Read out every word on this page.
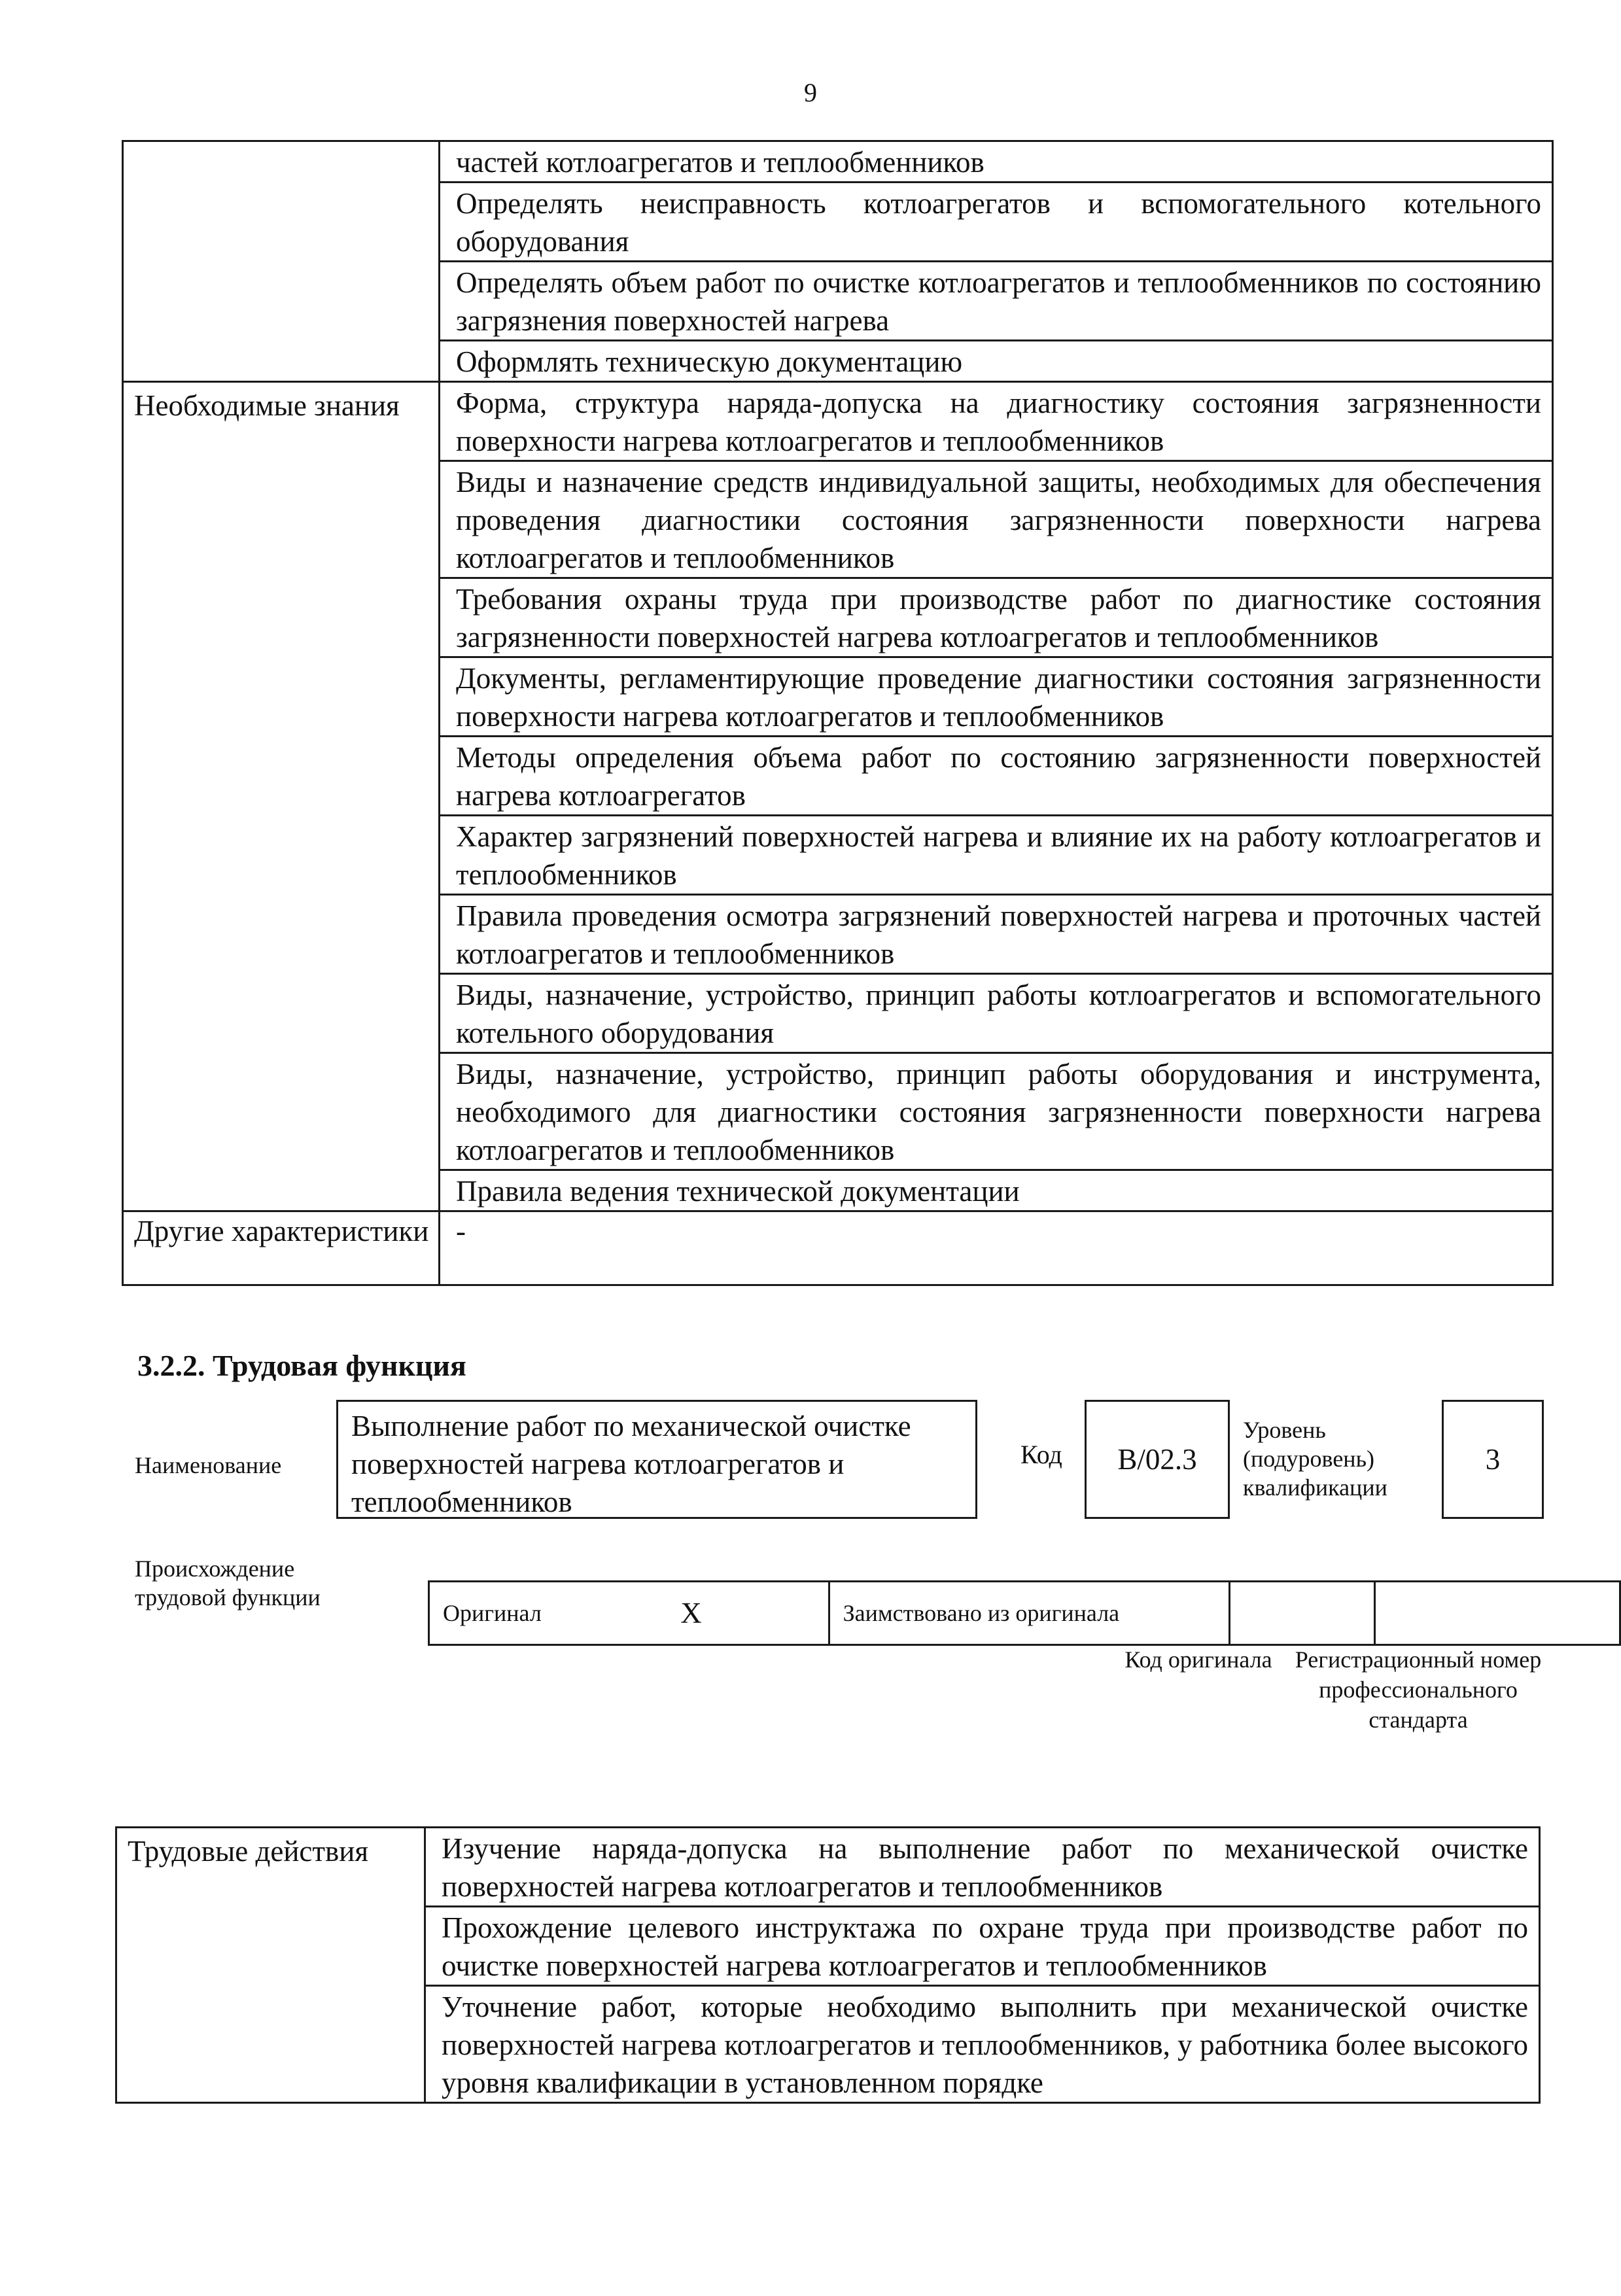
9
	частей котлоагрегатов и теплообменников
	Определять неисправность котлоагрегатов и вспомогательного котельного оборудования
	Определять объем работ по очистке котлоагрегатов и теплообменников по состоянию загрязнения поверхностей нагрева
	Оформлять техническую документацию
Необходимые знания	Форма, структура наряда-допуска на диагностику состояния загрязненности поверхности нагрева котлоагрегатов и теплообменников
	Виды и назначение средств индивидуальной защиты, необходимых для обеспечения проведения диагностики состояния загрязненности поверхности нагрева котлоагрегатов и теплообменников
	Требования охраны труда при производстве работ по диагностике состояния загрязненности поверхностей нагрева котлоагрегатов и теплообменников
	Документы, регламентирующие проведение диагностики состояния загрязненности поверхности нагрева котлоагрегатов и теплообменников
	Методы определения объема работ по состоянию загрязненности поверхностей нагрева котлоагрегатов
	Характер загрязнений поверхностей нагрева и влияние их на работу котлоагрегатов и теплообменников
	Правила проведения осмотра загрязнений поверхностей нагрева и проточных частей котлоагрегатов и теплообменников
	Виды, назначение, устройство, принцип работы котлоагрегатов и вспомогательного котельного оборудования
	Виды, назначение, устройство, принцип работы оборудования и инструмента, необходимого для диагностики состояния загрязненности поверхности нагрева котлоагрегатов и теплообменников
	Правила ведения технической документации
Другие характеристики	-
3.2.2. Трудовая функция
Наименование
Выполнение работ по механической очистке поверхностей нагрева котлоагрегатов и теплообменников
Код	B/02.3
Уровень (подуровень) квалификации
3
Происхождение трудовой функции
Оригинал	X	Заимствовано из оригинала		
Код оригинала Регистрационный номер профессионального стандарта
Трудовые действия	Изучение наряда-допуска на выполнение работ по механической очистке поверхностей нагрева котлоагрегатов и теплообменников
Прохождение целевого инструктажа по охране труда при производстве работ по очистке поверхностей нагрева котлоагрегатов и теплообменников
Уточнение работ, которые необходимо выполнить при механической очистке поверхностей нагрева котлоагрегатов и теплообменников, у работника более высокого уровня квалификации в установленном порядке
